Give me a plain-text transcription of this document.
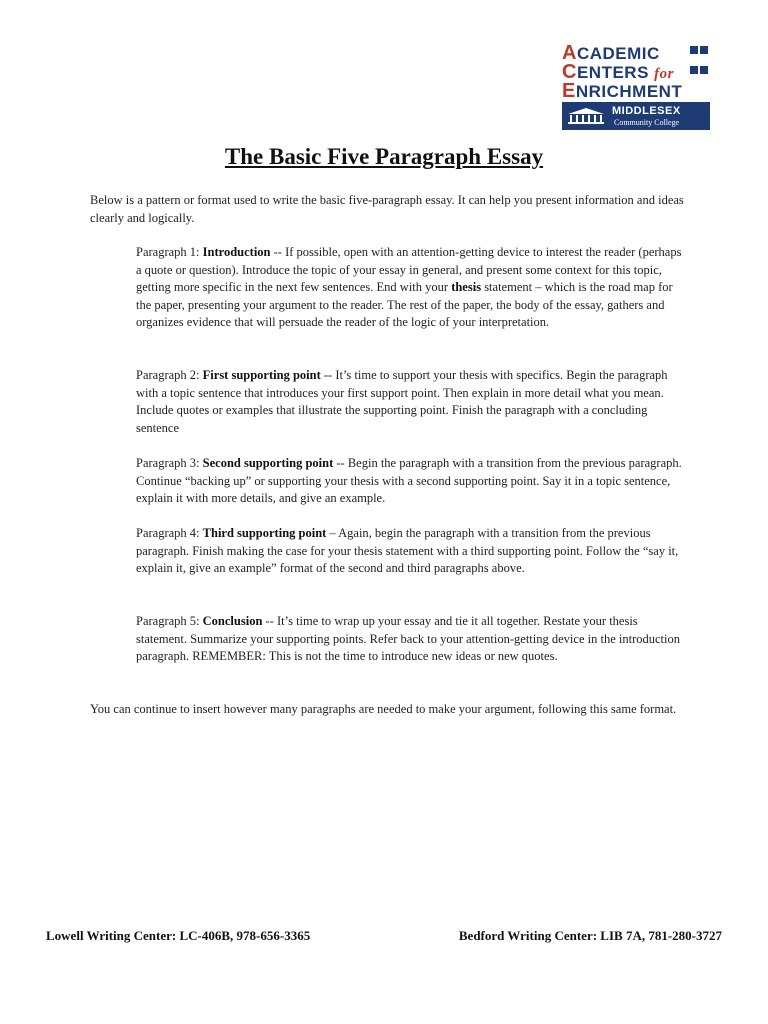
ACADEMIC
CENTERS for
ENRICHMENT
MIDDLESEX
Community College
The Basic Five Paragraph Essay

Below is a pattern or format used to write the basic five-paragraph essay. It can help you present information and ideas clearly and logically.

Paragraph 1: Introduction -- If possible, open with an attention-getting device to interest the reader (perhaps a quote or question). Introduce the topic of your essay in general, and present some context for this topic, getting more specific in the next few sentences. End with your thesis statement – which is the road map for the paper, presenting your argument to the reader. The rest of the paper, the body of the essay, gathers and organizes evidence that will persuade the reader of the logic of your interpretation.

Paragraph 2: First supporting point -- It’s time to support your thesis with specifics. Begin the paragraph with a topic sentence that introduces your first support point. Then explain in more detail what you mean. Include quotes or examples that illustrate the supporting point. Finish the paragraph with a concluding sentence

Paragraph 3: Second supporting point -- Begin the paragraph with a transition from the previous paragraph. Continue “backing up” or supporting your thesis with a second supporting point. Say it in a topic sentence, explain it with more details, and give an example.

Paragraph 4: Third supporting point – Again, begin the paragraph with a transition from the previous paragraph. Finish making the case for your thesis statement with a third supporting point. Follow the “say it, explain it, give an example” format of the second and third paragraphs above.

Paragraph 5: Conclusion -- It’s time to wrap up your essay and tie it all together. Restate your thesis statement. Summarize your supporting points. Refer back to your attention-getting device in the introduction paragraph. REMEMBER: This is not the time to introduce new ideas or new quotes.

You can continue to insert however many paragraphs are needed to make your argument, following this same format.

Lowell Writing Center: LC-406B, 978-656-3365	Bedford Writing Center: LIB 7A, 781-280-3727
